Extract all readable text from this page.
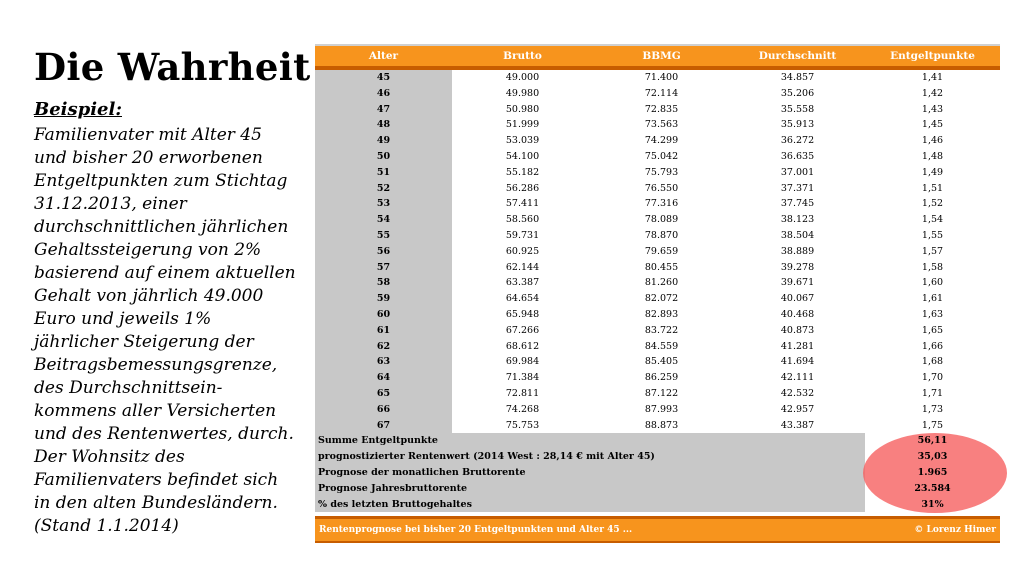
Die Wahrheit
Beispiel:
Familienvater mit Alter 45
und bisher 20 erworbenen
Entgeltpunkten zum Stichtag
31.12.2013, einer
durchschnittlichen jährlichen
Gehaltssteigerung von 2%
basierend auf einem aktuellen
Gehalt von jährlich 49.000
Euro und jeweils 1%
jährlicher Steigerung der
Beitragsbemessungsgrenze,
des Durchschnittsein-
kommens aller Versicherten
und des Rentenwertes, durch.
Der Wohnsitz des
Familienvaters befindet sich
in den alten Bundesländern.
(Stand 1.1.2014)
Alter	Brutto	BBMG	Durchschnitt	Entgeltpunkte
45	49.000	71.400	34.857	1,41
46	49.980	72.114	35.206	1,42
47	50.980	72.835	35.558	1,43
48	51.999	73.563	35.913	1,45
49	53.039	74.299	36.272	1,46
50	54.100	75.042	36.635	1,48
51	55.182	75.793	37.001	1,49
52	56.286	76.550	37.371	1,51
53	57.411	77.316	37.745	1,52
54	58.560	78.089	38.123	1,54
55	59.731	78.870	38.504	1,55
56	60.925	79.659	38.889	1,57
57	62.144	80.455	39.278	1,58
58	63.387	81.260	39.671	1,60
59	64.654	82.072	40.067	1,61
60	65.948	82.893	40.468	1,63
61	67.266	83.722	40.873	1,65
62	68.612	84.559	41.281	1,66
63	69.984	85.405	41.694	1,68
64	71.384	86.259	42.111	1,70
65	72.811	87.122	42.532	1,71
66	74.268	87.993	42.957	1,73
67	75.753	88.873	43.387	1,75
Summe Entgeltpunkte	56,11
prognostizierter Rentenwert (2014 West : 28,14 € mit Alter 45)	35,03
Prognose der monatlichen Bruttorente	1.965
Prognose Jahresbruttorente	23.584
% des letzten Bruttogehaltes	31%
Rentenprognose bei bisher 20 Entgeltpunkten und Alter 45 ...	© Lorenz Himer
